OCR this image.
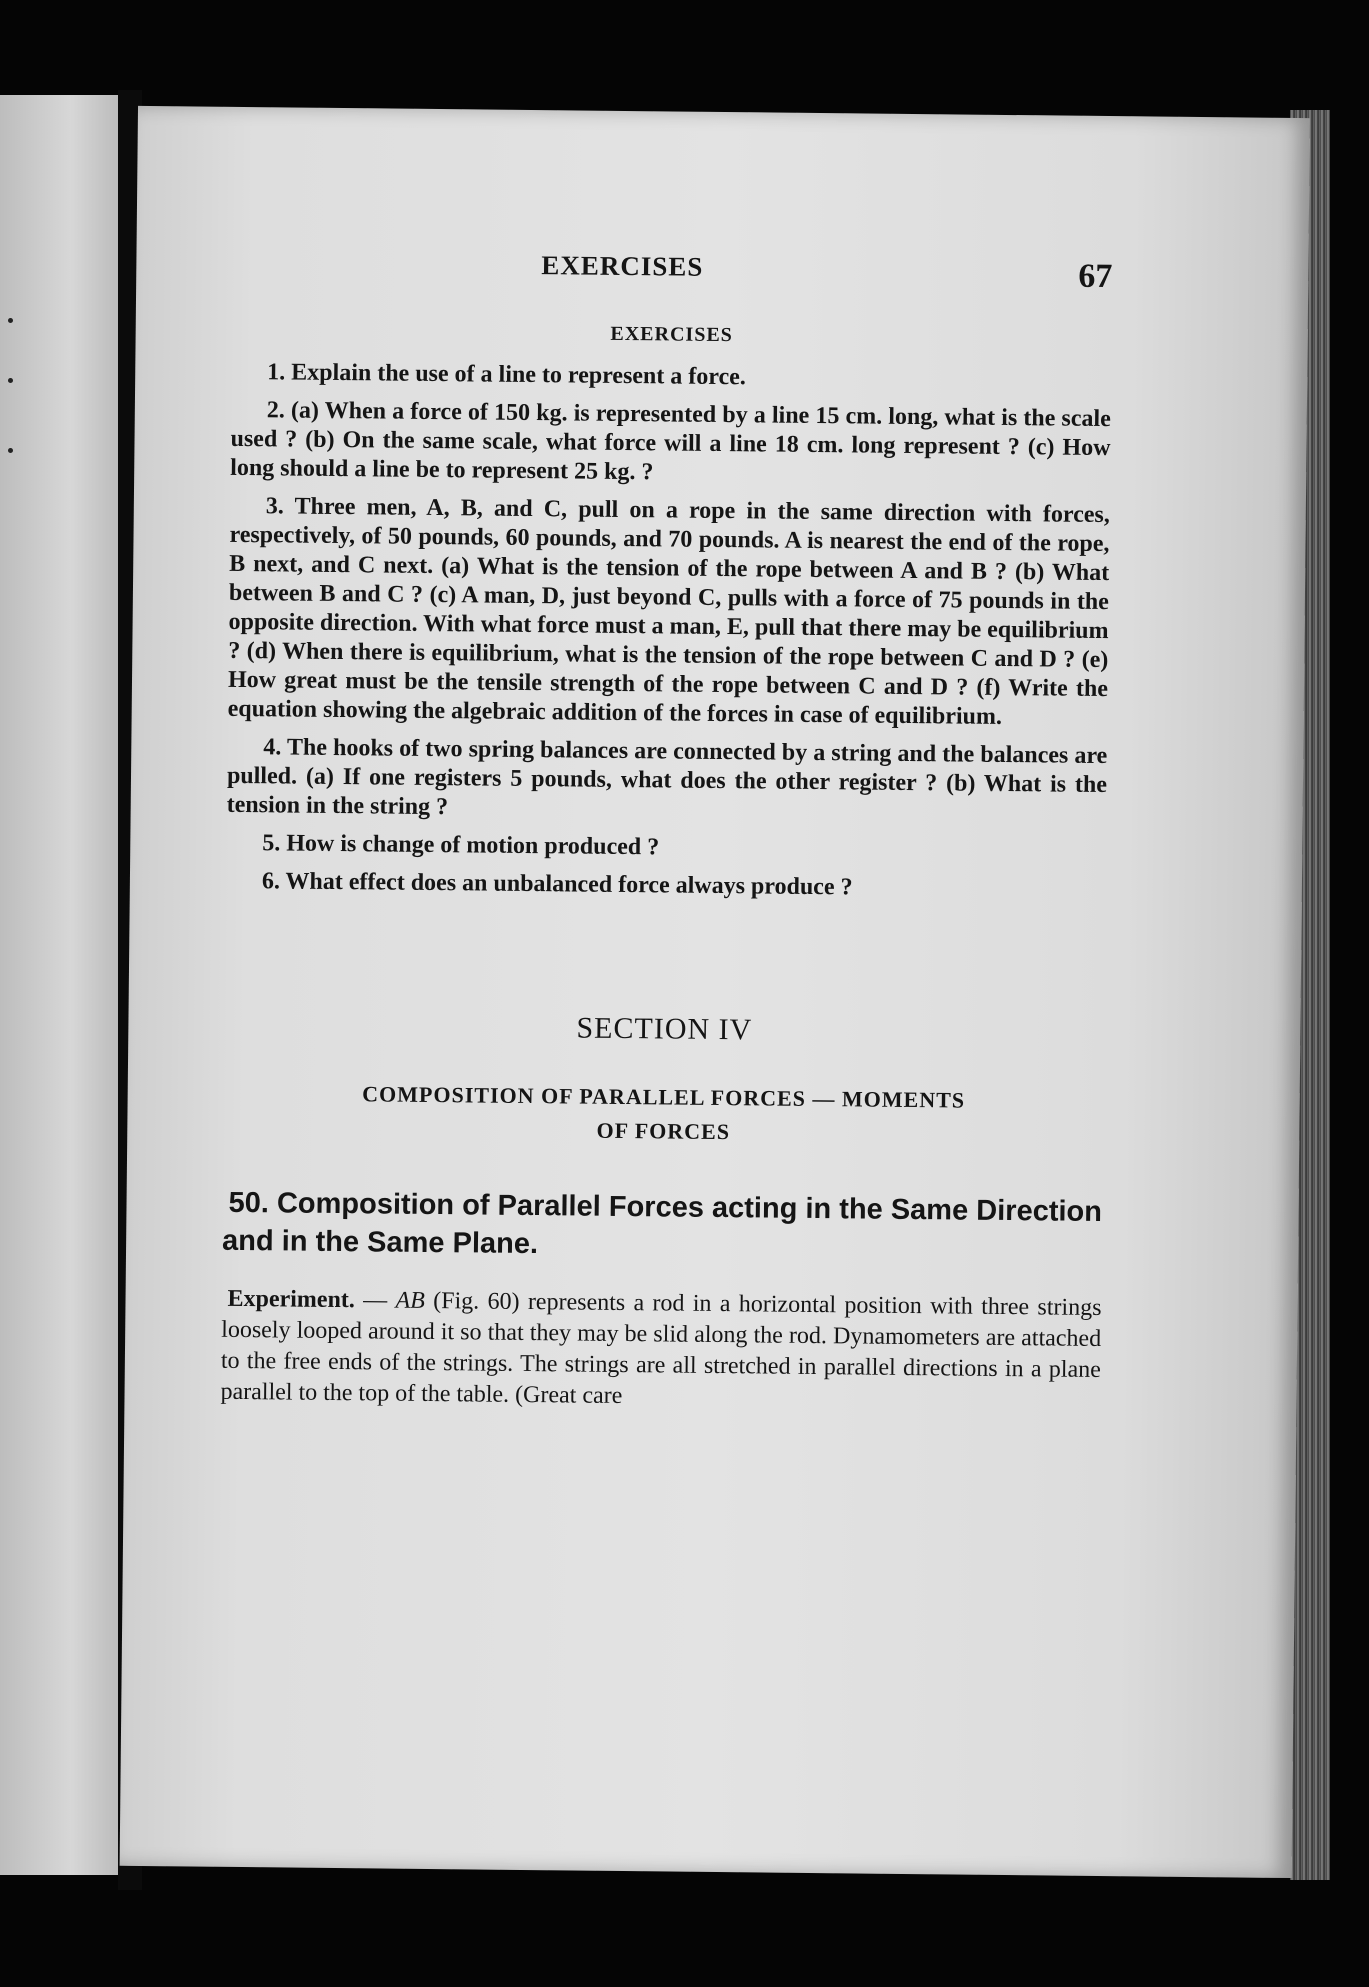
EXERCISES	67
EXERCISES

1. Explain the use of a line to represent a force.

2. (a) When a force of 150 kg. is represented by a line 15 cm. long, what is the scale used ? (b) On the same scale, what force will a line 18 cm. long represent ? (c) How long should a line be to represent 25 kg. ?

3. Three men, A, B, and C, pull on a rope in the same direction with forces, respectively, of 50 pounds, 60 pounds, and 70 pounds. A is nearest the end of the rope, B next, and C next. (a) What is the tension of the rope between A and B ? (b) What between B and C ? (c) A man, D, just beyond C, pulls with a force of 75 pounds in the opposite direction. With what force must a man, E, pull that there may be equilibrium ? (d) When there is equilibrium, what is the tension of the rope between C and D ? (e) How great must be the tensile strength of the rope between C and D ? (f) Write the equation showing the algebraic addition of the forces in case of equilibrium.

4. The hooks of two spring balances are connected by a string and the balances are pulled. (a) If one registers 5 pounds, what does the other register ? (b) What is the tension in the string ?

5. How is change of motion produced ?

6. What effect does an unbalanced force always produce ?

SECTION IV
COMPOSITION OF PARALLEL FORCES — MOMENTS
OF FORCES
50. Composition of Parallel Forces acting in the Same Direction and in the Same Plane.

Experiment. — AB (Fig. 60) represents a rod in a horizontal position with three strings loosely looped around it so that they may be slid along the rod. Dynamometers are attached to the free ends of the strings. The strings are all stretched in parallel directions in a plane parallel to the top of the table. (Great care
